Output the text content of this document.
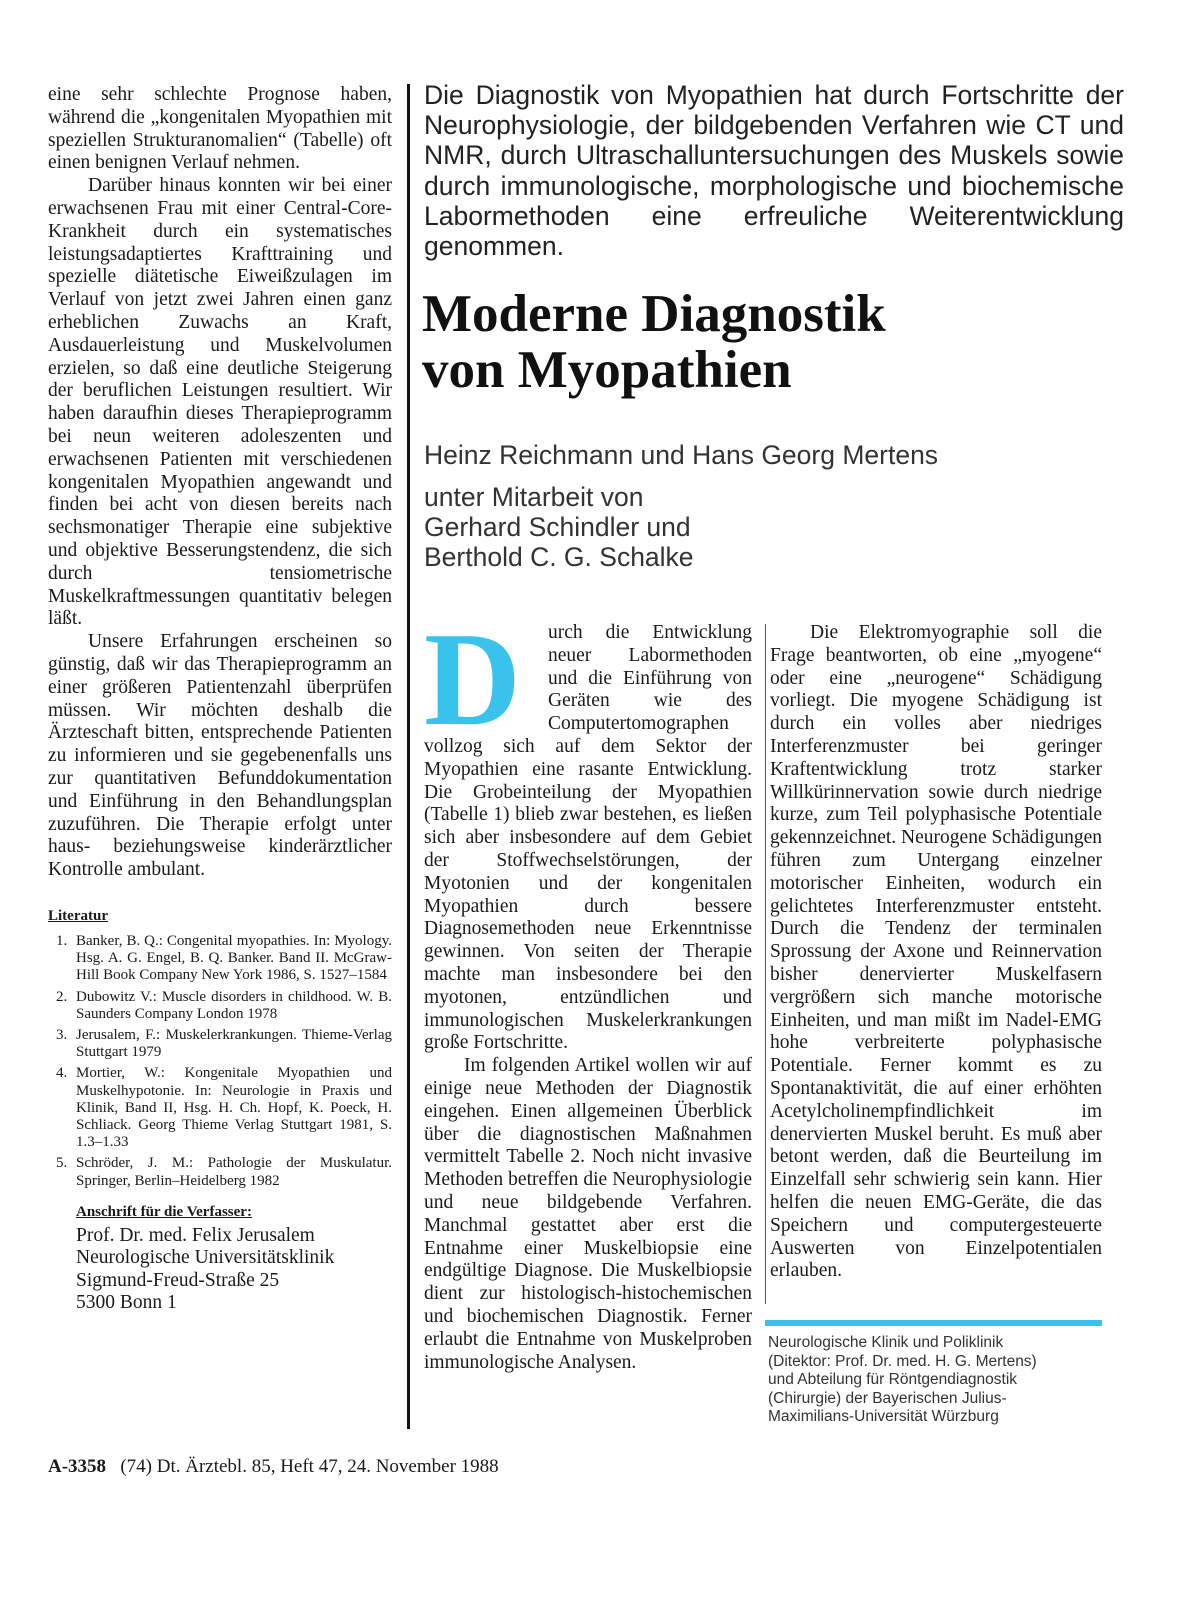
eine sehr schlechte Prognose haben, während die „kongenitalen Myopathien mit speziellen Strukturanomalien“ (Tabelle) oft einen benignen Verlauf nehmen.

Darüber hinaus konnten wir bei einer erwachsenen Frau mit einer Central-Core-Krankheit durch ein systematisches leistungsadaptiertes Krafttraining und spezielle diätetische Eiweißzulagen im Verlauf von jetzt zwei Jahren einen ganz erheblichen Zuwachs an Kraft, Ausdauerleistung und Muskelvolumen erzielen, so daß eine deutliche Steigerung der beruflichen Leistungen resultiert. Wir haben daraufhin dieses Therapieprogramm bei neun weiteren adoleszenten und erwachsenen Patienten mit verschiedenen kongenitalen Myopathien angewandt und finden bei acht von diesen bereits nach sechsmonatiger Therapie eine subjektive und objektive Besserungstendenz, die sich durch tensiometrische Muskelkraftmessungen quantitativ belegen läßt.

Unsere Erfahrungen erscheinen so günstig, daß wir das Therapieprogramm an einer größeren Patientenzahl überprüfen müssen. Wir möchten deshalb die Ärzteschaft bitten, entsprechende Patienten zu informieren und sie gegebenenfalls uns zur quantitativen Befunddokumentation und Einführung in den Behandlungsplan zuzuführen. Die Therapie erfolgt unter haus- beziehungsweise kinderärztlicher Kontrolle ambulant.

Literatur
1. Banker, B. Q.: Congenital myopathies. In: Myology. Hsg. A. G. Engel, B. Q. Banker. Band II. McGraw-Hill Book Company New York 1986, S. 1527–1584
2. Dubowitz V.: Muscle disorders in childhood. W. B. Saunders Company London 1978
3. Jerusalem, F.: Muskelerkrankungen. Thieme-Verlag Stuttgart 1979
4. Mortier, W.: Kongenitale Myopathien und Muskelhypotonie. In: Neurologie in Praxis und Klinik, Band II, Hsg. H. Ch. Hopf, K. Poeck, H. Schliack. Georg Thieme Verlag Stuttgart 1981, S. 1.3–1.33
5. Schröder, J. M.: Pathologie der Muskulatur. Springer, Berlin–Heidelberg 1982
Anschrift für die Verfasser:
Prof. Dr. med. Felix Jerusalem
Neurologische Universitätsklinik
Sigmund-Freud-Straße 25
5300 Bonn 1
Die Diagnostik von Myopathien hat durch Fortschritte der Neurophysiologie, der bildgebenden Verfahren wie CT und NMR, durch Ultraschalluntersuchungen des Muskels sowie durch immunologische, morphologische und biochemische Labormethoden eine erfreuliche Weiterentwicklung genommen.
Moderne Diagnostik
von Myopathien
Heinz Reichmann und Hans Georg Mertens
unter Mitarbeit von
Gerhard Schindler und
Berthold C. G. Schalke
D	urch die Entwicklung neuer Labormethoden und die Einführung von Geräten wie des Computertomographen vollzog sich auf dem Sektor der Myopathien eine rasante Entwicklung. Die Grobeinteilung der Myopathien (Tabelle 1) blieb zwar bestehen, es ließen sich aber insbesondere auf dem Gebiet der Stoffwechselstörungen, der Myotonien und der kongenitalen Myopathien durch bessere Diagnosemethoden neue Erkenntnisse gewinnen. Von seiten der Therapie machte man insbesondere bei den myotonen, entzündlichen und immunologischen Muskelerkrankungen große Fortschritte.

Im folgenden Artikel wollen wir auf einige neue Methoden der Diagnostik eingehen. Einen allgemeinen Überblick über die diagnostischen Maßnahmen vermittelt Tabelle 2. Noch nicht invasive Methoden betreffen die Neurophysiologie und neue bildgebende Verfahren. Manchmal gestattet aber erst die Entnahme einer Muskelbiopsie eine endgültige Diagnose. Die Muskelbiopsie dient zur histologisch-histochemischen und biochemischen Diagnostik. Ferner erlaubt die Entnahme von Muskelproben immunologische Analysen.

Die Elektromyographie soll die Frage beantworten, ob eine „myogene“ oder eine „neurogene“ Schädigung vorliegt. Die myogene Schädigung ist durch ein volles aber niedriges Interferenzmuster bei geringer Kraftentwicklung trotz starker Willkürinnervation sowie durch niedrige kurze, zum Teil polyphasische Potentiale gekennzeichnet. Neurogene Schädigungen führen zum Untergang einzelner motorischer Einheiten, wodurch ein gelichtetes Interferenzmuster entsteht. Durch die Tendenz der terminalen Sprossung der Axone und Reinnervation bisher denervierter Muskelfasern vergrößern sich manche motorische Einheiten, und man mißt im Nadel-EMG hohe verbreiterte polyphasische Potentiale. Ferner kommt es zu Spontanaktivität, die auf einer erhöhten Acetylcholinempfindlichkeit im denervierten Muskel beruht. Es muß aber betont werden, daß die Beurteilung im Einzelfall sehr schwierig sein kann. Hier helfen die neuen EMG-Geräte, die das Speichern und computergesteuerte Auswerten von Einzelpotentialen erlauben.

Neurologische Klinik und Poliklinik
(Ditektor: Prof. Dr. med. H. G. Mertens)
und Abteilung für Röntgendiagnostik
(Chirurgie) der Bayerischen Julius-
Maximilians-Universität Würzburg
A-3358 (74) Dt. Ärztebl. 85, Heft 47, 24. November 1988
